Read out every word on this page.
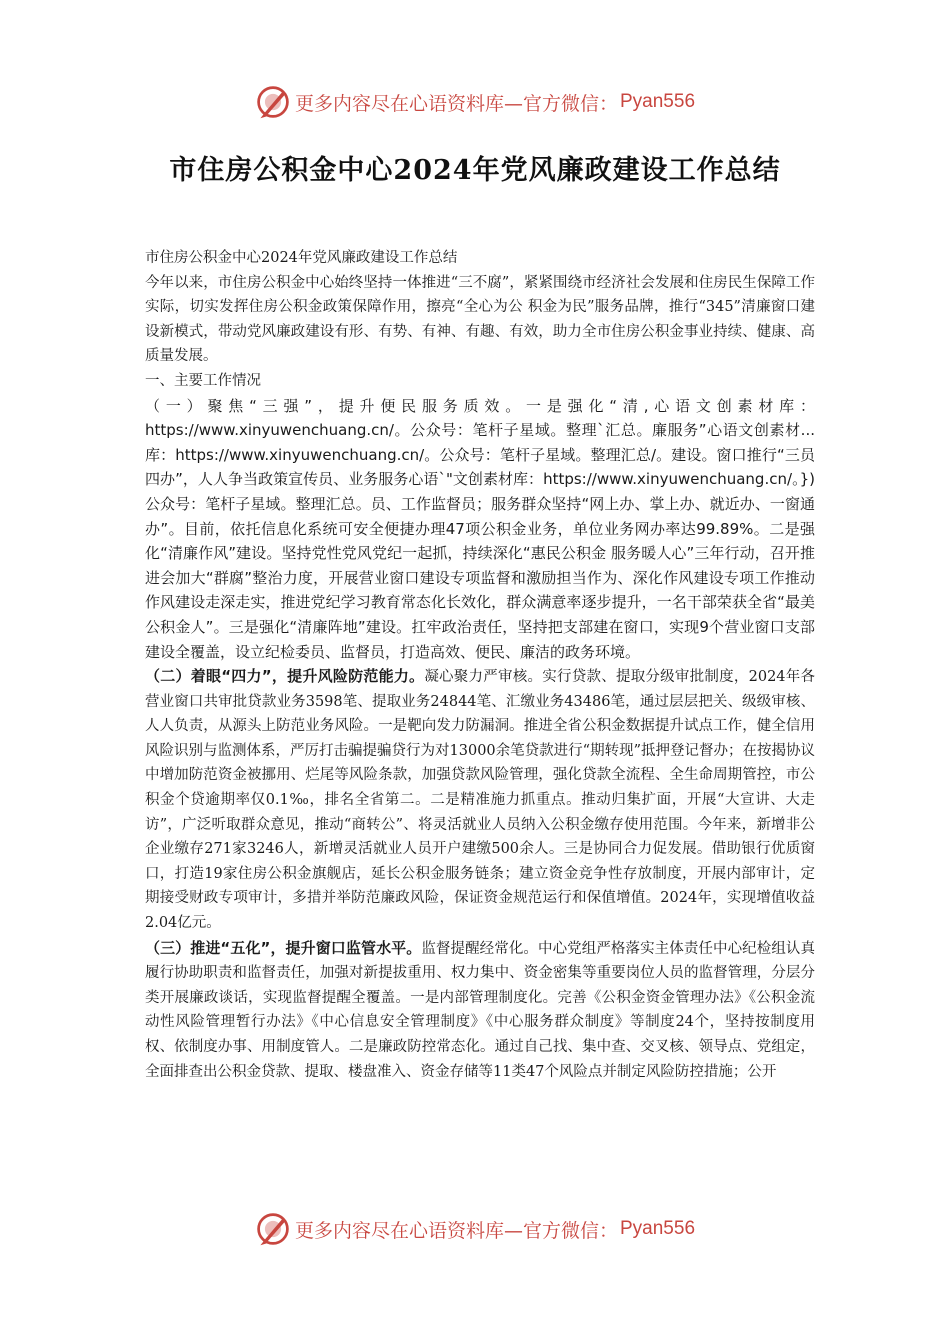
更多内容尽在心语资料库—官方微信： Pyan556
市住房公积金中心2024年党风廉政建设工作总结

市住房公积金中心2024年党风廉政建设工作总结

今年以来，市住房公积金中心始终坚持一体推进“三不腐”，紧紧围绕市经济社会发展和住房民生保障工作实际，切实发挥住房公积金政策保障作用，擦亮“全心为公 积金为民”服务品牌，推行“345”清廉窗口建设新模式，带动党风廉政建设有形、有势、有神、有趣、有效，助力全市住房公积金事业持续、健康、高质量发展。

一、主要工作情况

（一）聚焦“三强”，提升便民服务质效。一是强化“清,心语文创素材库：https://www.xinyuwenchuang.cn/。公众号：笔杆子星域。整理`汇总。廉服务”心语文创素材...库：https://www.xinyuwenchuang.cn/。公众号：笔杆子星域。整理汇总/。建设。窗口推行“三员四办”，人人争当政策宣传员、业务服务心语`"文创素材库：https://www.xinyuwenchuang.cn/。})公众号：笔杆子星域。整理汇总。员、工作监督员；服务群众坚持“网上办、掌上办、就近办、一窗通办”。目前，依托信息化系统可安全便捷办理47项公积金业务，单位业务网办率达99.89%。二是强化“清廉作风”建设。坚持党性党风党纪一起抓，持续深化“惠民公积金 服务暖人心”三年行动，召开推进会加大“群腐”整治力度，开展营业窗口建设专项监督和激励担当作为、深化作风建设专项工作推动作风建设走深走实，推进党纪学习教育常态化长效化，群众满意率逐步提升，一名干部荣获全省“最美公积金人”。三是强化“清廉阵地”建设。扛牢政治责任，坚持把支部建在窗口，实现9个营业窗口支部建设全覆盖，设立纪检委员、监督员，打造高效、便民、廉洁的政务环境。

（二）着眼“四力”，提升风险防范能力。凝心聚力严审核。实行贷款、提取分级审批制度，2024年各营业窗口共审批贷款业务3598笔、提取业务24844笔、汇缴业务43486笔，通过层层把关、级级审核、人人负责，从源头上防范业务风险。一是靶向发力防漏洞。推进全省公积金数据提升试点工作，健全信用风险识别与监测体系，严厉打击骗提骗贷行为对13000余笔贷款进行“期转现”抵押登记督办；在按揭协议中增加防范资金被挪用、烂尾等风险条款，加强贷款风险管理，强化贷款全流程、全生命周期管控，市公积金个贷逾期率仅0.1‰，排名全省第二。二是精准施力抓重点。推动归集扩面，开展“大宣讲、大走访”，广泛听取群众意见，推动“商转公”、将灵活就业人员纳入公积金缴存使用范围。今年来，新增非公企业缴存271家3246人，新增灵活就业人员开户建缴500余人。三是协同合力促发展。借助银行优质窗口，打造19家住房公积金旗舰店，延长公积金服务链条；建立资金竞争性存放制度，开展内部审计，定期接受财政专项审计，多措并举防范廉政风险，保证资金规范运行和保值增值。2024年，实现增值收益2.04亿元。

（三）推进“五化”，提升窗口监管水平。监督提醒经常化。中心党组严格落实主体责任中心纪检组认真履行协助职责和监督责任，加强对新提拔重用、权力集中、资金密集等重要岗位人员的监督管理，分层分类开展廉政谈话，实现监督提醒全覆盖。一是内部管理制度化。完善《公积金资金管理办法》《公积金流动性风险管理暂行办法》《中心信息安全管理制度》《中心服务群众制度》等制度24个，坚持按制度用权、依制度办事、用制度管人。二是廉政防控常态化。通过自己找、集中查、交叉核、领导点、党组定，全面排查出公积金贷款、提取、楼盘准入、资金存储等11类47个风险点并制定风险防控措施；公开

更多内容尽在心语资料库—官方微信： Pyan556
